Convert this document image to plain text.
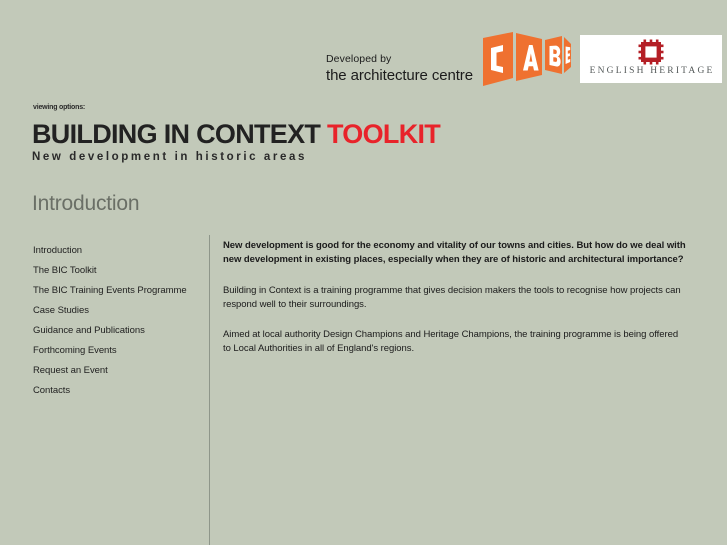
Developed by
the architecture centre	ENGLISH HERITAGE
viewing options:
BUILDING IN CONTEXT TOOLKIT
New development in historic areas
Introduction
Introduction
The BIC Toolkit
The BIC Training Events Programme
Case Studies
Guidance and Publications
Forthcoming Events
Request an Event
Contacts

New development is good for the economy and vitality of our towns and cities. But how do we deal with new development in existing places, especially when they are of historic and architectural importance?

Building in Context is a training programme that gives decision makers the tools to recognise how projects can respond well to their surroundings.

Aimed at local authority Design Champions and Heritage Champions, the training programme is being offered to Local Authorities in all of England's regions.
